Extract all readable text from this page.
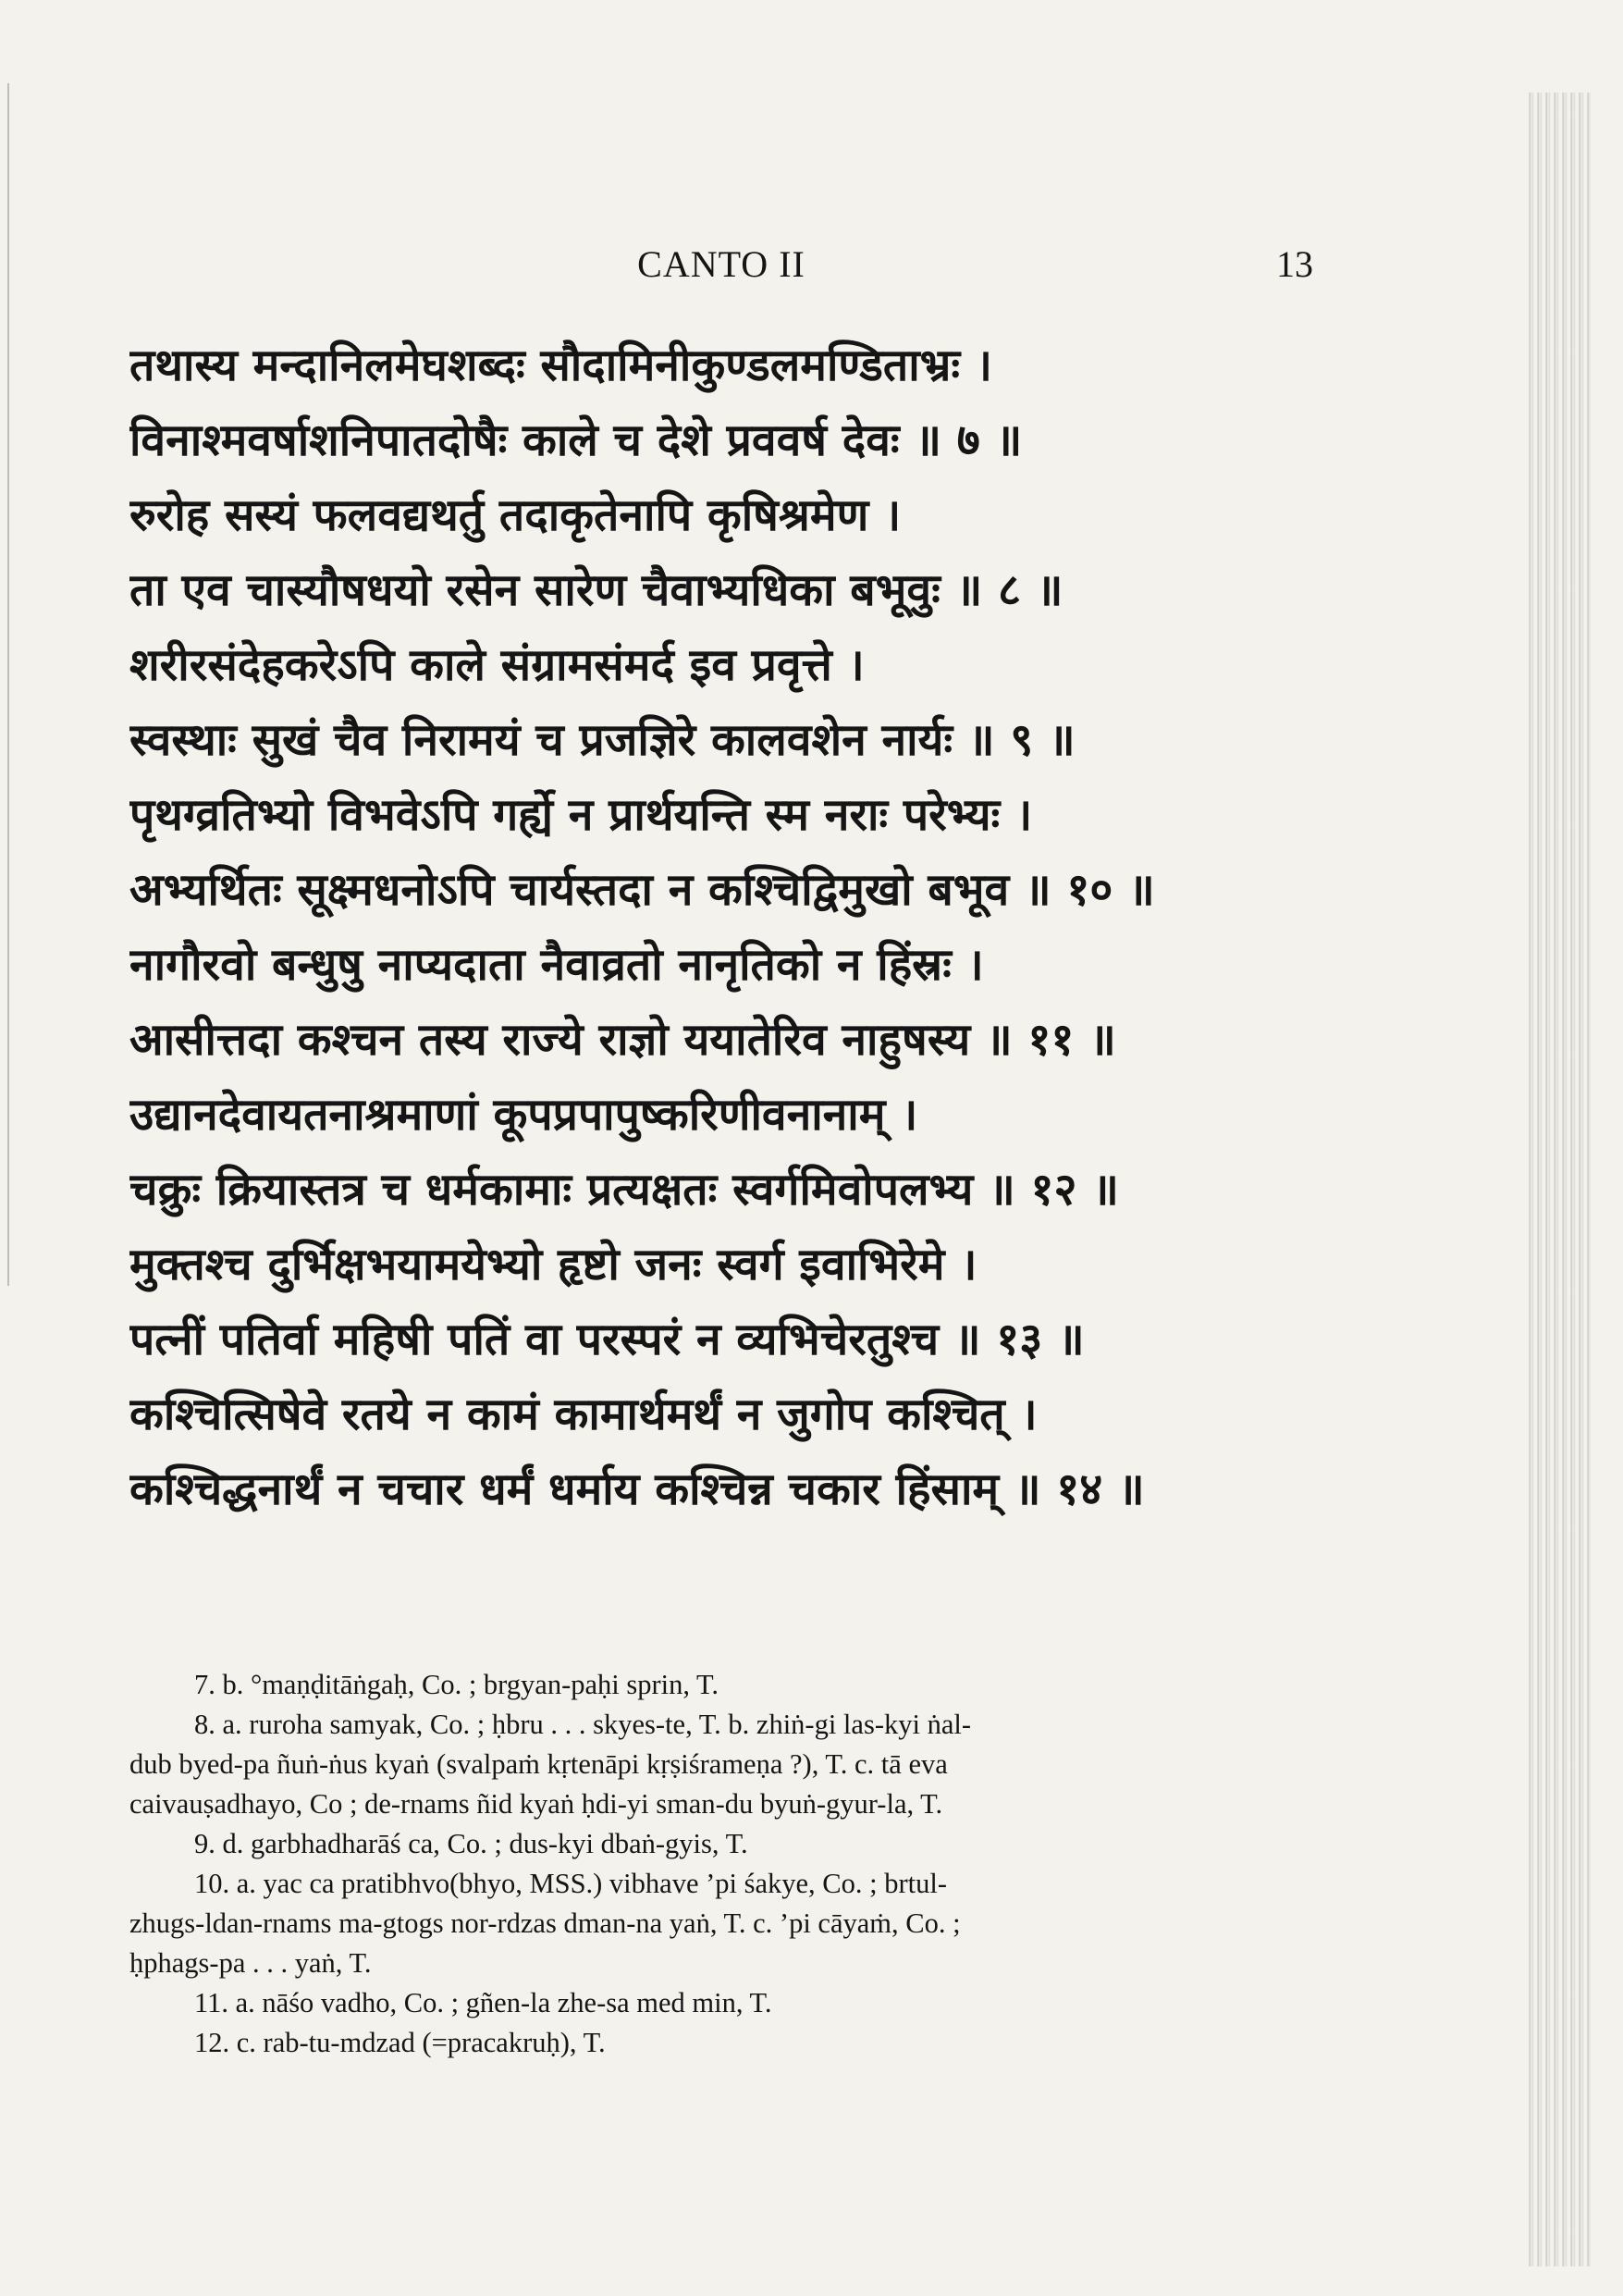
CANTO II	13
तथास्य मन्दानिलमेघशब्दः सौदामिनीकुण्डलमण्डिताभ्रः ।
विनाश्मवर्षाशनिपातदोषैः काले च देशे प्रववर्ष देवः ॥ ७ ॥
रुरोह सस्यं फलवद्यथर्तु तदाकृतेनापि कृषिश्रमेण ।
ता एव चास्यौषधयो रसेन सारेण चैवाभ्यधिका बभूवुः ॥ ८ ॥
शरीरसंदेहकरेऽपि काले संग्रामसंमर्द इव प्रवृत्ते ।
स्वस्थाः सुखं चैव निरामयं च प्रजज्ञिरे कालवशेन नार्यः ॥ ९ ॥
पृथग्व्रतिभ्यो विभवेऽपि गर्ह्ये न प्रार्थयन्ति स्म नराः परेभ्यः ।
अभ्यर्थितः सूक्ष्मधनोऽपि चार्यस्तदा न कश्चिद्विमुखो बभूव ॥ १० ॥
नागौरवो बन्धुषु नाप्यदाता नैवाव्रतो नानृतिको न हिंस्रः ।
आसीत्तदा कश्चन तस्य राज्ये राज्ञो ययातेरिव नाहुषस्य ॥ ११ ॥
उद्यानदेवायतनाश्रमाणां कूपप्रपापुष्करिणीवनानाम् ।
चक्रुः क्रियास्तत्र च धर्मकामाः प्रत्यक्षतः स्वर्गमिवोपलभ्य ॥ १२ ॥
मुक्तश्च दुर्भिक्षभयामयेभ्यो हृष्टो जनः स्वर्ग इवाभिरेमे ।
पत्नीं पतिर्वा महिषी पतिं वा परस्परं न व्यभिचेरतुश्च ॥ १३ ॥
कश्चित्सिषेवे रतये न कामं कामार्थमर्थं न जुगोप कश्चित् ।
कश्चिद्धनार्थं न चचार धर्मं धर्माय कश्चिन्न चकार हिंसाम् ॥ १४ ॥
7. b. °maṇḍitāṅgaḥ, Co. ; brgyan-paḥi sprin, T.
8. a. ruroha samyak, Co. ; ḥbru . . . skyes-te, T. b. zhiṅ-gi las-kyi ṅal-
dub byed-pa ñuṅ-ṅus kyaṅ (svalpaṁ kṛtenāpi kṛṣiśrameṇa ?), T. c. tā eva
caivauṣadhayo, Co ; de-rnams ñid kyaṅ ḥdi-yi sman-du byuṅ-gyur-la, T.
9. d. garbhadharāś ca, Co. ; dus-kyi dbaṅ-gyis, T.
10. a. yac ca pratibhvo(bhyo, MSS.) vibhave ’pi śakye, Co. ; brtul-
zhugs-ldan-rnams ma-gtogs nor-rdzas dman-na yaṅ, T. c. ’pi cāyaṁ, Co. ;
ḥphags-pa . . . yaṅ, T.
11. a. nāśo vadho, Co. ; gñen-la zhe-sa med min, T.
12. c. rab-tu-mdzad (=pracakruḥ), T.
